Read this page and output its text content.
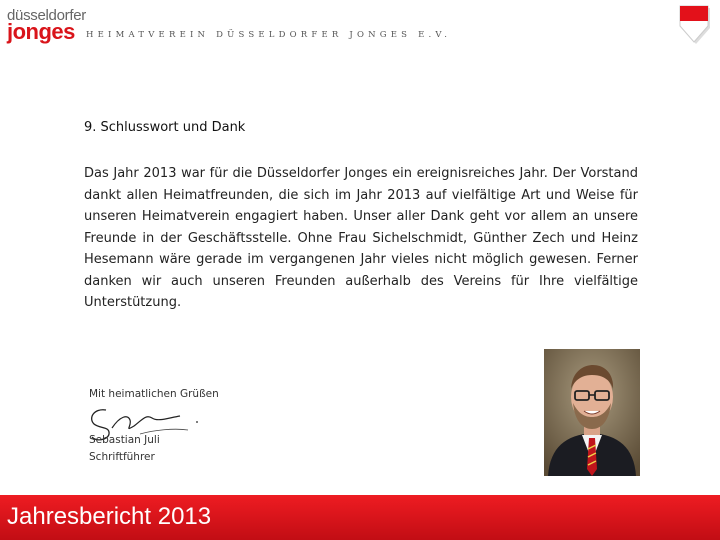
düsseldorfer
jonges	HEIMATVEREIN DÜSSELDORFER JONGES E.V.
9. Schlusswort und Dank

Das Jahr 2013 war für die Düsseldorfer Jonges ein ereignisreiches Jahr. Der Vorstand dankt allen Heimatfreunden, die sich im Jahr 2013 auf vielfältige Art und Weise für unseren Heimatverein engagiert haben. Unser aller Dank geht vor allem an unsere Freunde in der Geschäftsstelle. Ohne Frau Sichelschmidt, Günther Zech und Heinz Hesemann wäre gerade im vergangenen Jahr vieles nicht möglich gewesen. Ferner danken wir auch unseren Freunden außerhalb des Vereins für Ihre vielfältige Unterstützung.

Mit heimatlichen Grüßen
Sebastian Juli
Schriftführer
Jahresbericht 2013
